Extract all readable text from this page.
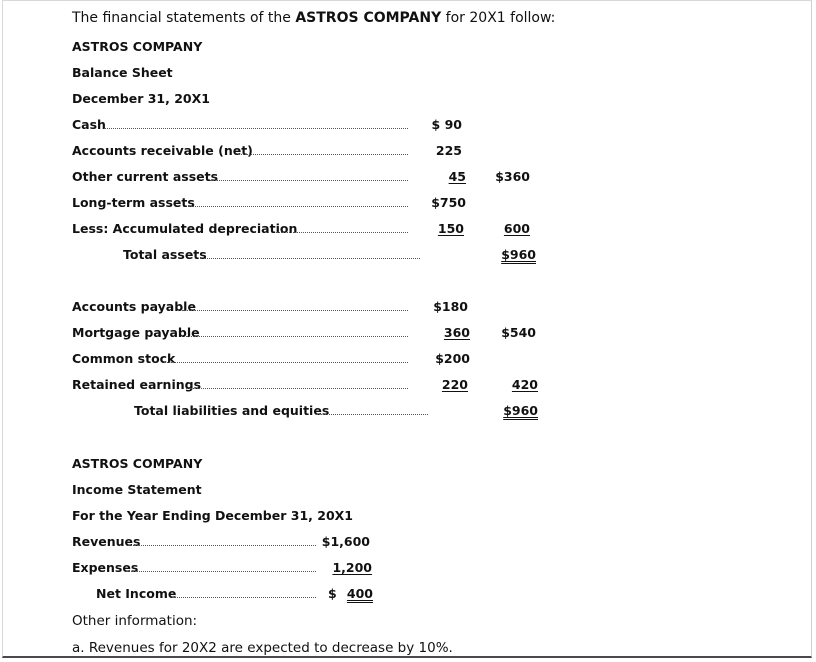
The financial statements of the ASTROS COMPANY for 20X1 follow:
ASTROS COMPANY
Balance Sheet
December 31, 20X1
Cash	$ 90
Accounts receivable (net)	225
Other current assets	45	$360
Long-term assets	$750
Less: Accumulated depreciation	150	600
Total assets	$960
Accounts payable	$180
Mortgage payable	360	$540
Common stock	$200
Retained earnings	220	420
Total liabilities and equities	$960
ASTROS COMPANY
Income Statement
For the Year Ending December 31, 20X1
Revenues	$1,600
Expenses	1,200
Net Income	$ 400
Other information:
a. Revenues for 20X2 are expected to decrease by 10%.
